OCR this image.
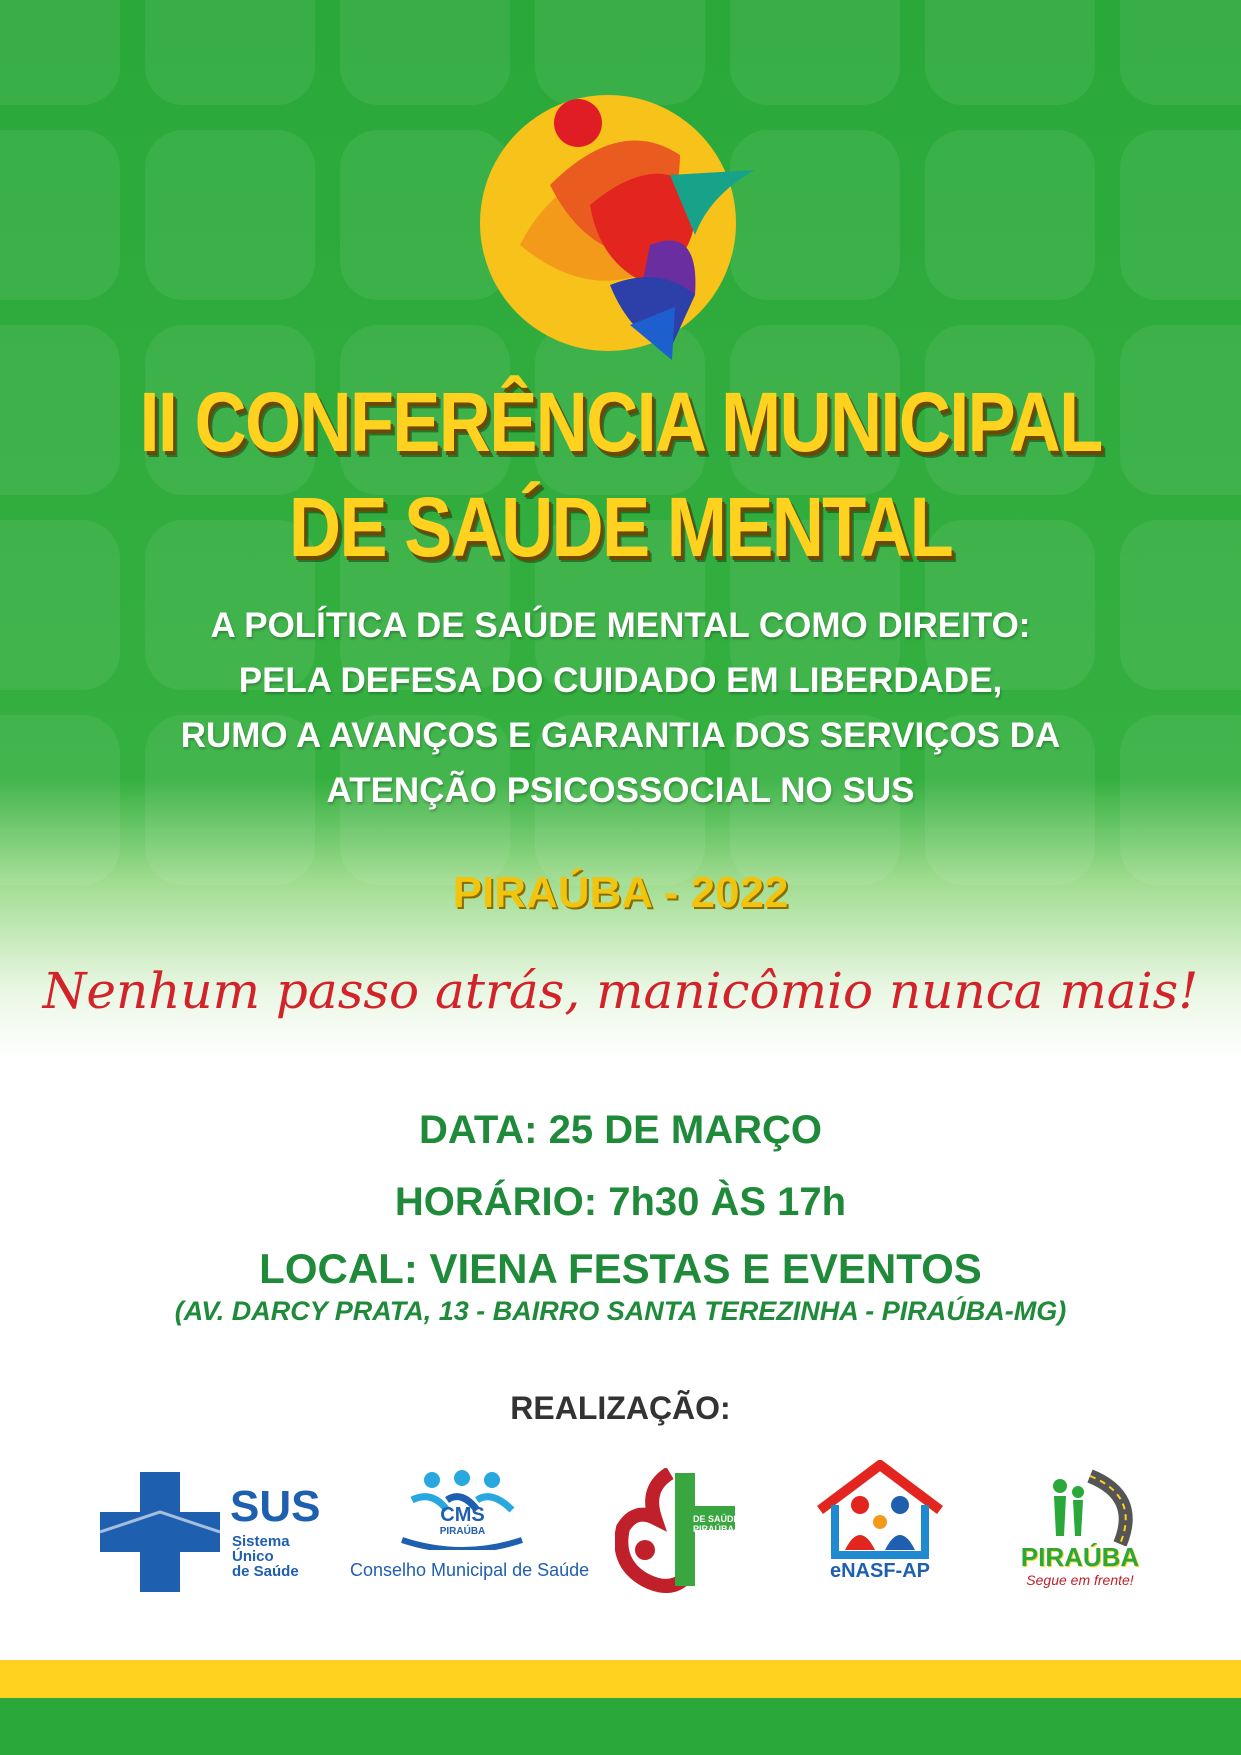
II CONFERÊNCIA MUNICIPAL
DE SAÚDE MENTAL
A POLÍTICA DE SAÚDE MENTAL COMO DIREITO:
PELA DEFESA DO CUIDADO EM LIBERDADE,
RUMO A AVANÇOS E GARANTIA DOS SERVIÇOS DA
ATENÇÃO PSICOSSOCIAL NO SUS
PIRAÚBA - 2022
Nenhum passo atrás, manicômio nunca mais!
DATA: 25 DE MARÇO
HORÁRIO: 7h30 ÀS 17h
LOCAL: VIENA FESTAS E EVENTOS
(AV. DARCY PRATA, 13 - BAIRRO SANTA TEREZINHA - PIRAÚBA-MG)
REALIZAÇÃO:
SUS
Sistema
Único
de Saúde
CMS
PIRAÚBA
Conselho Municipal de Saúde
DE SAÚDE
PIRAÚBA-MG
eNASF-AP	PIRAÚBA
Segue em frente!
